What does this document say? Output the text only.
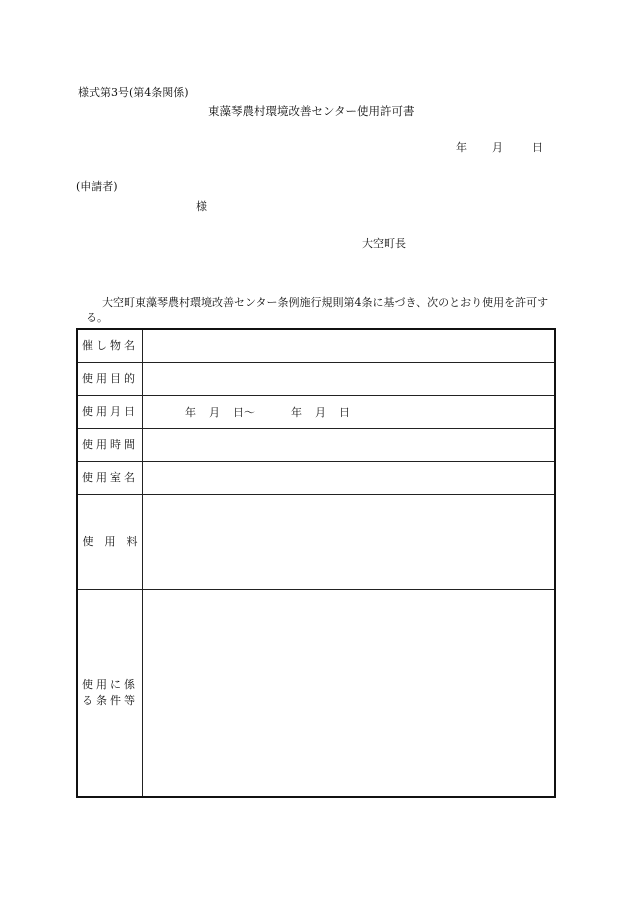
様式第3号(第4条関係)
東藻琴農村環境改善センター使用許可書
年 月	日
(申請者)
様
大空町長
大空町東藻琴農村環境改善センター条例施行規則第4条に基づき、次のとおり使用を許可する。
催し物名	
使用目的	
使用月日	年 月 日〜 年 月 日
使用時間	
使用室名	
使　用　料	

使用に係
る条件等	
